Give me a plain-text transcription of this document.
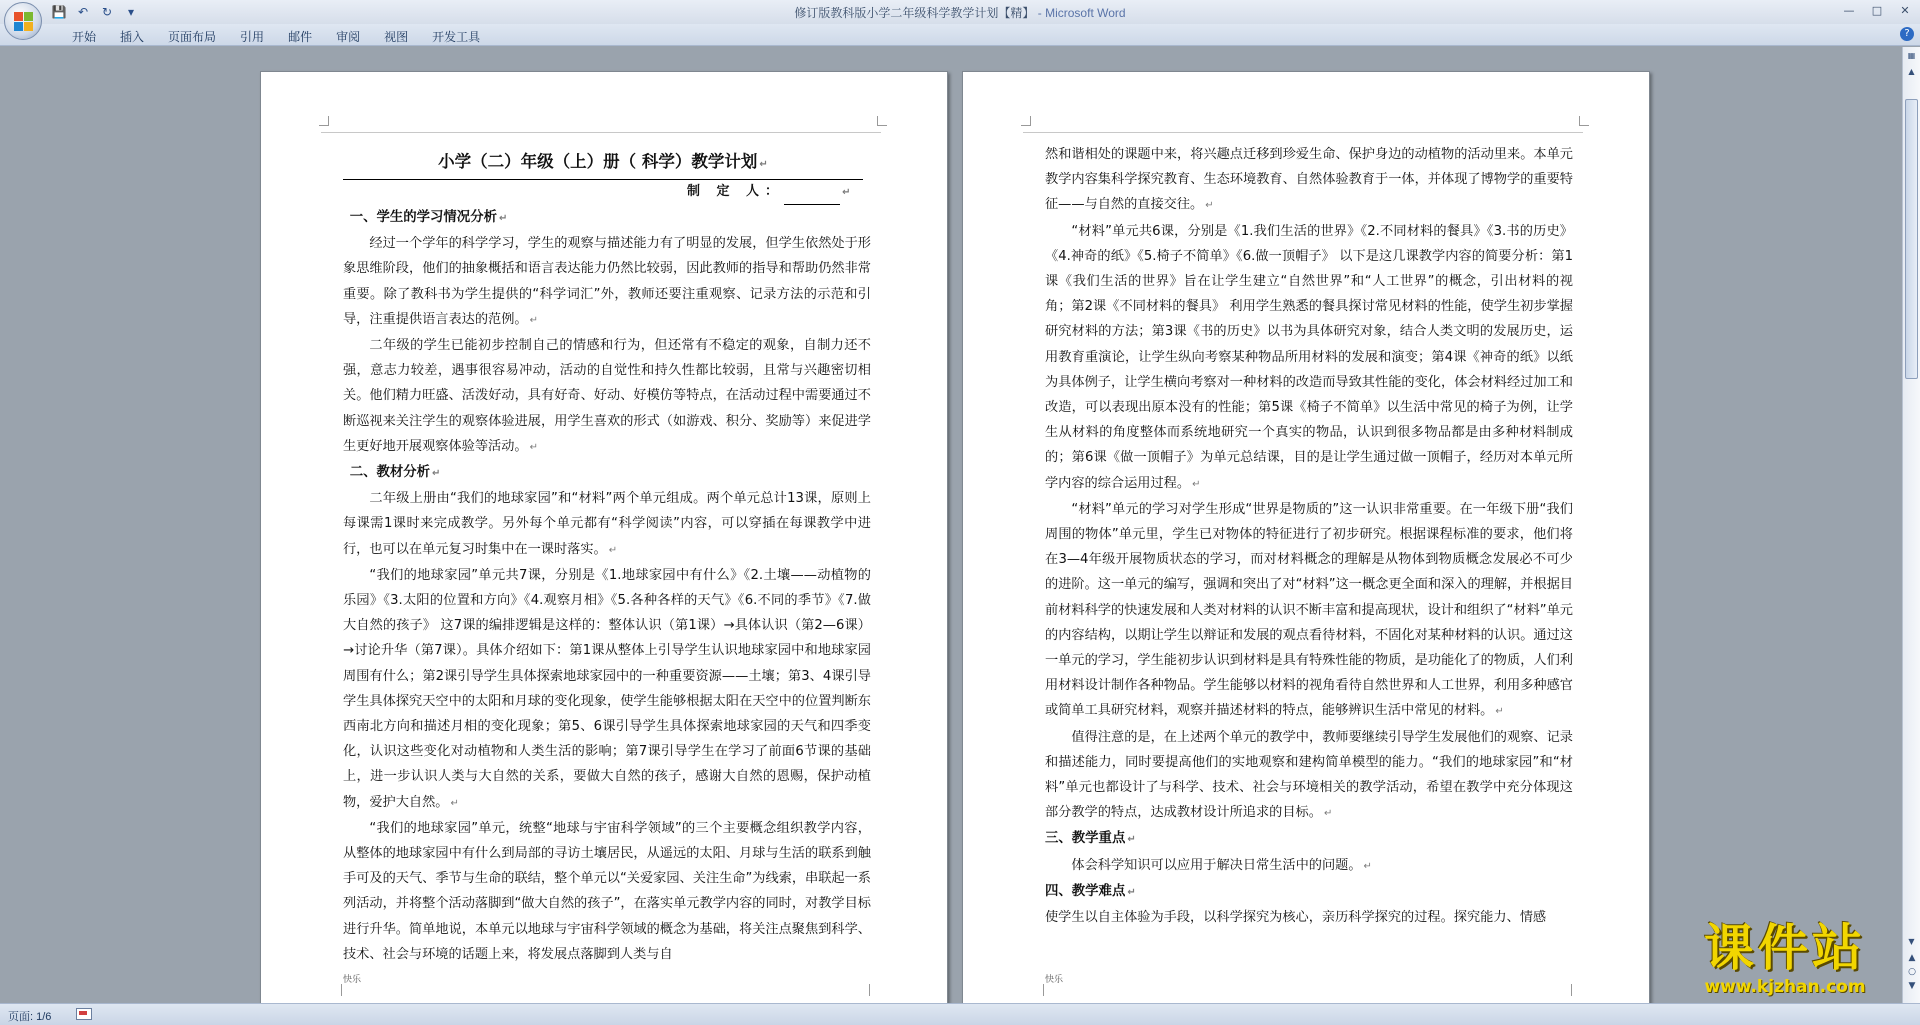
💾 ↶	↻	▾	修订版教科版小学二年级科学教学计划【精】 - Microsoft Word	—	□	✕
开始	插入	页面布局	引用	邮件	审阅	视图	开发工具	?
小学（二）年级（上）册（ 科学）教学计划 ↵
制 定 人：	↵
一、学生的学习情况分析 ↵

经过一个学年的科学学习，学生的观察与描述能力有了明显的发展，但学生依然处于形象思维阶段，他们的抽象概括和语言表达能力仍然比较弱，因此教师的指导和帮助仍然非常重要。除了教科书为学生提供的“科学词汇”外，教师还要注重观察、记录方法的示范和引导，注重提供语言表达的范例。 ↵

二年级的学生已能初步控制自己的情感和行为，但还常有不稳定的观象，自制力还不强，意志力较差，遇事很容易冲动，活动的自觉性和持久性都比较弱，且常与兴趣密切相关。他们精力旺盛、活泼好动，具有好奇、好动、好模仿等特点，在活动过程中需要通过不断巡视来关注学生的观察体验进展，用学生喜欢的形式（如游戏、积分、奖励等）来促进学生更好地开展观察体验等活动。 ↵

二、教材分析 ↵

二年级上册由“我们的地球家园”和“材料”两个单元组成。两个单元总计13课，原则上每课需1课时来完成教学。另外每个单元都有“科学阅读”内容，可以穿插在每课教学中进行，也可以在单元复习时集中在一课时落实。 ↵

“我们的地球家园”单元共7课，分别是《1.地球家园中有什么》《2.土壤——动植物的乐园》《3.太阳的位置和方向》《4.观察月相》《5.各种各样的天气》《6.不同的季节》《7.做大自然的孩子》 这7课的编排逻辑是这样的：整体认识（第1课）→具体认识（第2—6课）→讨论升华（第7课）。具体介绍如下：第1课从整体上引导学生认识地球家园中和地球家园周围有什么；第2课引导学生具体探索地球家园中的一种重要资源——土壤；第3、4课引导学生具体探究天空中的太阳和月球的变化现象，使学生能够根据太阳在天空中的位置判断东西南北方向和描述月相的变化现象；第5、6课引导学生具体探索地球家园的天气和四季变化，认识这些变化对动植物和人类生活的影响；第7课引导学生在学习了前面6节课的基础上，进一步认识人类与大自然的关系，要做大自然的孩子，感谢大自然的恩赐，保护动植物，爱护大自然。 ↵

“我们的地球家园”单元，统整“地球与宇宙科学领域”的三个主要概念组织教学内容，从整体的地球家园中有什么到局部的寻访土壤居民，从遥远的太阳、月球与生活的联系到触手可及的天气、季节与生命的联结，整个单元以“关爱家园、关注生命”为线索，串联起一系列活动，并将整个活动落脚到“做大自然的孩子”，在落实单元教学内容的同时，对教学目标进行升华。简单地说，本单元以地球与宇宙科学领域的概念为基础，将关注点聚焦到科学、技术、社会与环境的话题上来，将发展点落脚到人类与自

快乐

然和谐相处的课题中来，将兴趣点迁移到珍爱生命、保护身边的动植物的活动里来。本单元教学内容集科学探究教育、生态环境教育、自然体验教育于一体，并体现了博物学的重要特征——与自然的直接交往。 ↵

“材料”单元共6课，分别是《1.我们生活的世界》《2.不同材料的餐具》《3.书的历史》《4.神奇的纸》《5.椅子不简单》《6.做一顶帽子》 以下是这几课教学内容的简要分析：第1课《我们生活的世界》旨在让学生建立“自然世界”和“人工世界”的概念，引出材料的视角；第2课《不同材料的餐具》 利用学生熟悉的餐具探讨常见材料的性能，使学生初步掌握研究材料的方法；第3课《书的历史》以书为具体研究对象，结合人类文明的发展历史，运用教育重演论，让学生纵向考察某种物品所用材料的发展和演变；第4课《神奇的纸》以纸为具体例子，让学生横向考察对一种材料的改造而导致其性能的变化，体会材料经过加工和改造，可以表现出原本没有的性能；第5课《椅子不简单》以生活中常见的椅子为例，让学生从材料的角度整体而系统地研究一个真实的物品，认识到很多物品都是由多种材料制成的；第6课《做一顶帽子》为单元总结课，目的是让学生通过做一顶帽子，经历对本单元所学内容的综合运用过程。 ↵

“材料”单元的学习对学生形成“世界是物质的”这一认识非常重要。在一年级下册“我们周围的物体”单元里，学生已对物体的特征进行了初步研究。根据课程标准的要求，他们将在3—4年级开展物质状态的学习，而对材料概念的理解是从物体到物质概念发展必不可少的进阶。这一单元的编写，强调和突出了对“材料”这一概念更全面和深入的理解，并根据目前材料科学的快速发展和人类对材料的认识不断丰富和提高现状，设计和组织了“材料”单元的内容结构，以期让学生以辩证和发展的观点看待材料，不固化对某种材料的认识。通过这一单元的学习，学生能初步认识到材料是具有特殊性能的物质，是功能化了的物质，人们利用材料设计制作各种物品。学生能够以材料的视角看待自然世界和人工世界，利用多种感官或简单工具研究材料，观察并描述材料的特点，能够辨识生活中常见的材料。 ↵

值得注意的是，在上述两个单元的教学中，教师要继续引导学生发展他们的观察、记录和描述能力，同时要提高他们的实地观察和建构简单模型的能力。“我们的地球家园”和“材料”单元也都设计了与科学、技术、社会与环境相关的教学活动，希望在教学中充分体现这部分教学的特点，达成教材设计所追求的目标。 ↵

三、教学重点 ↵

体会科学知识可以应用于解决日常生活中的问题。 ↵

四、教学难点 ↵

使学生以自主体验为手段，以科学探究为核心，亲历科学探究的过程。探究能力、情感

快乐
▦
▲
▼
▲
○
▼
页面: 1/6
课件站
www.kjzhan.com
